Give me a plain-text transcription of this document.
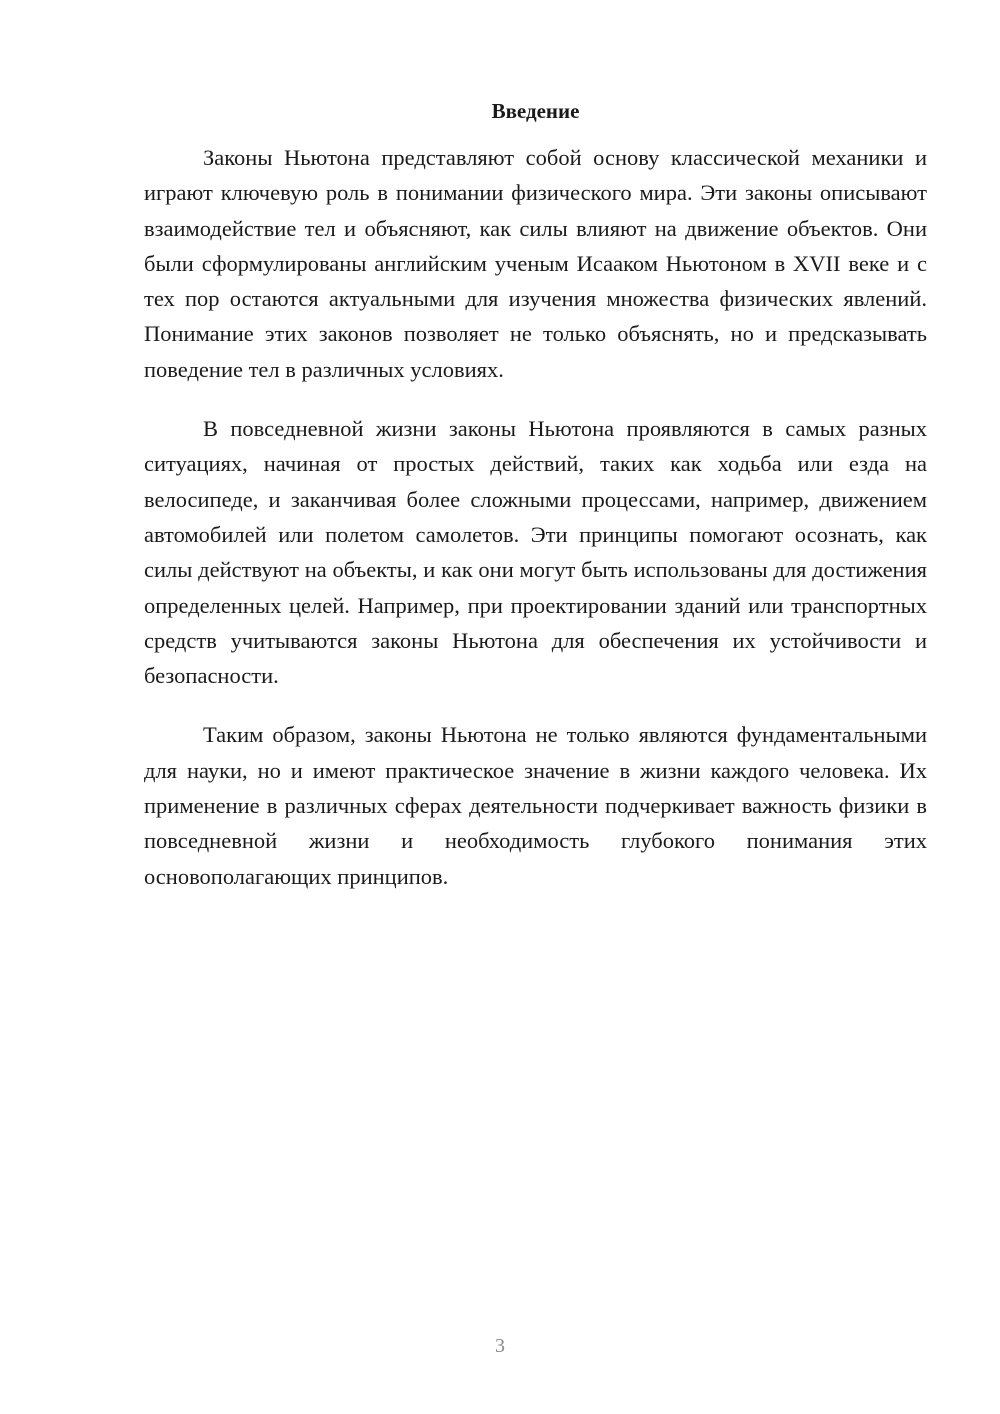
Введение

Законы Ньютона представляют собой основу классической механики и играют ключевую роль в понимании физического мира. Эти законы описывают взаимодействие тел и объясняют, как силы влияют на движение объектов. Они были сформулированы английским ученым Исааком Ньютоном в XVII веке и с тех пор остаются актуальными для изучения множества физических явлений. Понимание этих законов позволяет не только объяснять, но и предсказывать поведение тел в различных условиях.

В повседневной жизни законы Ньютона проявляются в самых разных ситуациях, начиная от простых действий, таких как ходьба или езда на велосипеде, и заканчивая более сложными процессами, например, движением автомобилей или полетом самолетов. Эти принципы помогают осознать, как силы действуют на объекты, и как они могут быть использованы для достижения определенных целей. Например, при проектировании зданий или транспортных средств учитываются законы Ньютона для обеспечения их устойчивости и безопасности.

Таким образом, законы Ньютона не только являются фундаментальными для науки, но и имеют практическое значение в жизни каждого человека. Их применение в различных сферах деятельности подчеркивает важность физики в повседневной жизни и необходимость глубокого понимания этих основополагающих принципов.

3
